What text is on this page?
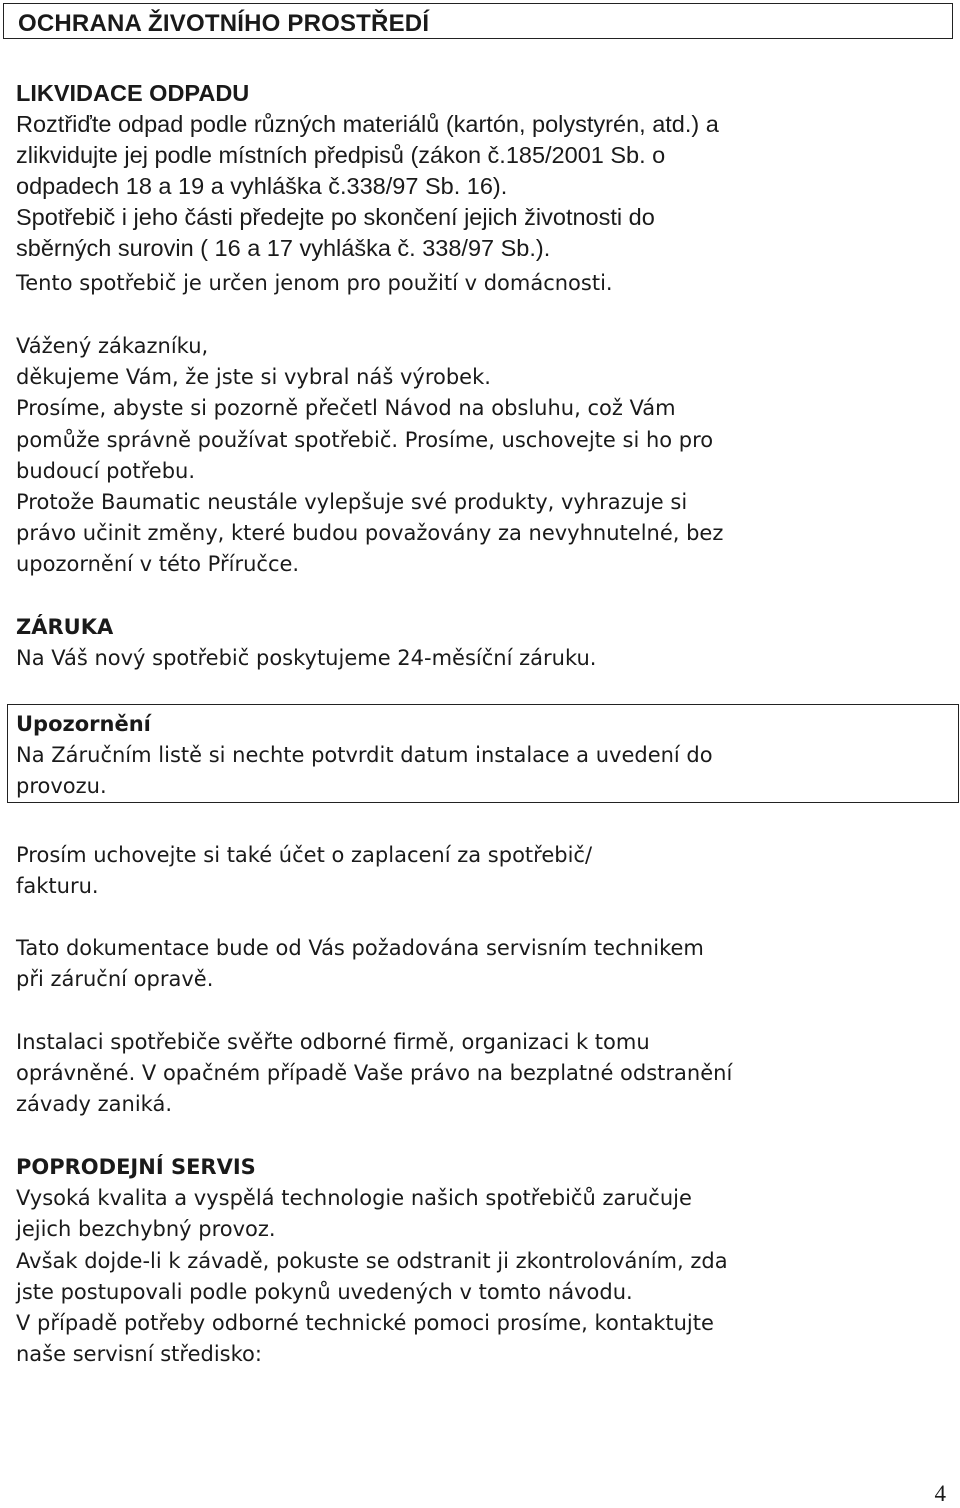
OCHRANA ŽIVOTNÍHO PROSTŘEDÍ
LIKVIDACE ODPADU
Roztřiďte odpad podle různých materiálů (kartón, polystyrén, atd.) a
zlikvidujte jej podle místních předpisů (zákon č.185/2001 Sb. o
odpadech 18 a 19 a vyhláška č.338/97 Sb. 16).
Spotřebič i jeho části předejte po skončení jejich životnosti do
sběrných surovin ( 16 a 17 vyhláška č. 338/97 Sb.).
Tento spotřebič je určen jenom pro použití v domácnosti.
Vážený zákazníku,
děkujeme Vám, že jste si vybral náš výrobek.
Prosíme, abyste si pozorně přečetl Návod na obsluhu, což Vám
pomůže správně používat spotřebič. Prosíme, uschovejte si ho pro
budoucí potřebu.
Protože Baumatic neustále vylepšuje své produkty, vyhrazuje si
právo učinit změny, které budou považovány za nevyhnutelné, bez
upozornění v této Příručce.
ZÁRUKA
Na Váš nový spotřebič poskytujeme 24-měsíční záruku.
Upozornění
Na Záručním listě si nechte potvrdit datum instalace a uvedení do
provozu.
Prosím uchovejte si také účet o zaplacení za spotřebič/
fakturu.
Tato dokumentace bude od Vás požadována servisním technikem
při záruční opravě.
Instalaci spotřebiče svěřte odborné firmě, organizaci k tomu
oprávněné. V opačném případě Vaše právo na bezplatné odstranění
závady zaniká.
POPRODEJNÍ SERVIS
Vysoká kvalita a vyspělá technologie našich spotřebičů zaručuje
jejich bezchybný provoz.
Avšak dojde-li k závadě, pokuste se odstranit ji zkontrolováním, zda
jste postupovali podle pokynů uvedených v tomto návodu.
V případě potřeby odborné technické pomoci prosíme, kontaktujte
naše servisní středisko:
4
